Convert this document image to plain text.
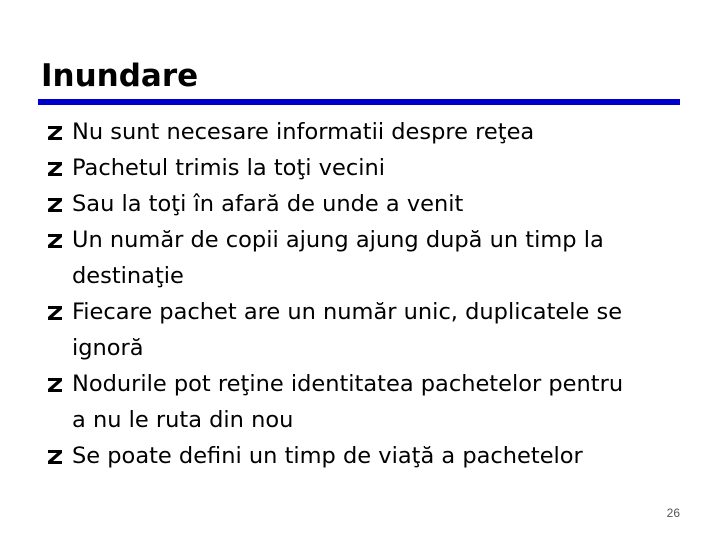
Inundare
Nu sunt necesare informatii despre reţea
Pachetul trimis la toţi vecini
Sau la toţi în afară de unde a venit
Un număr de copii ajung ajung după un timp la
destinaţie
Fiecare pachet are un număr unic, duplicatele se
ignoră
Nodurile pot reţine identitatea pachetelor pentru
a nu le ruta din nou
Se poate defini un timp de viaţă a pachetelor
26
